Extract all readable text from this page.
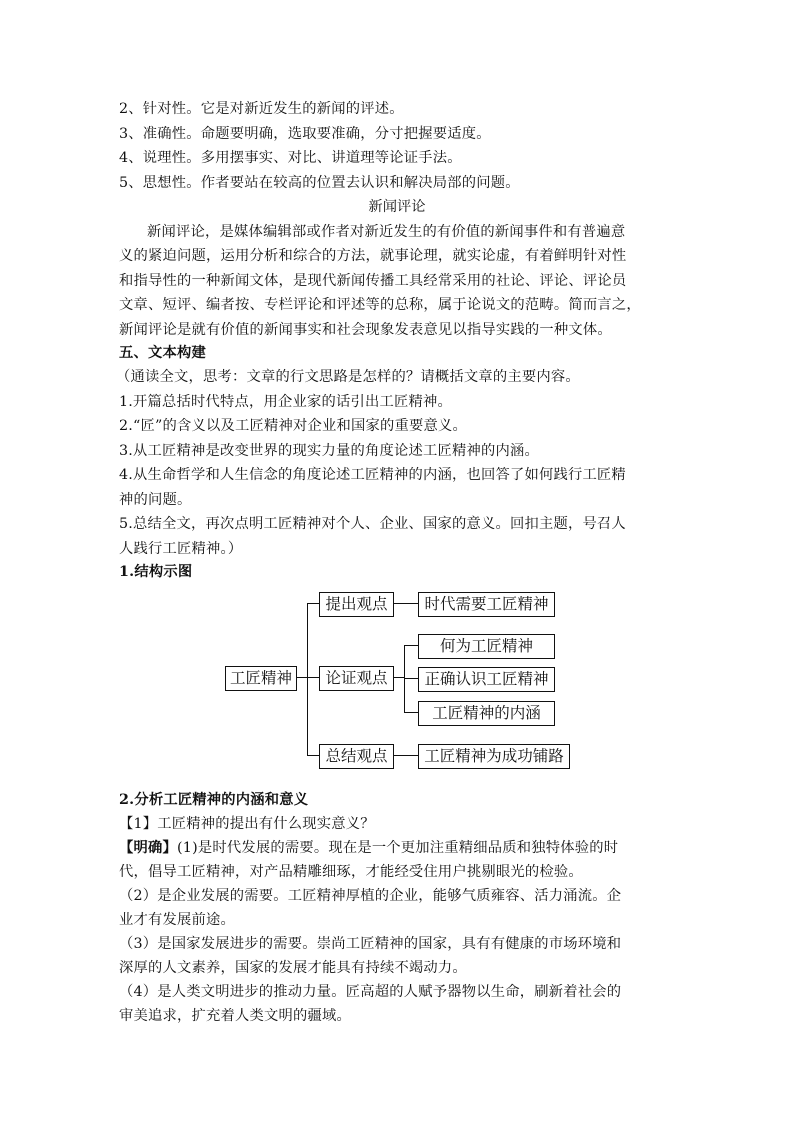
2、针对性。它是对新近发生的新闻的评述。
3、准确性。命题要明确，选取要准确，分寸把握要适度。
4、说理性。多用摆事实、对比、讲道理等论证手法。
5、思想性。作者要站在较高的位置去认识和解决局部的问题。
新闻评论
新闻评论，是媒体编辑部或作者对新近发生的有价值的新闻事件和有普遍意
义的紧迫问题，运用分析和综合的方法，就事论理，就实论虚，有着鲜明针对性
和指导性的一种新闻文体，是现代新闻传播工具经常采用的社论、评论、评论员
文章、短评、编者按、专栏评论和评述等的总称，属于论说文的范畴。简而言之，
新闻评论是就有价值的新闻事实和社会现象发表意见以指导实践的一种文体。
五、文本构建
（通读全文，思考：文章的行文思路是怎样的？请概括文章的主要内容。
1.开篇总括时代特点，用企业家的话引出工匠精神。
2.“匠”的含义以及工匠精神对企业和国家的重要意义。
3.从工匠精神是改变世界的现实力量的角度论述工匠精神的内涵。
4.从生命哲学和人生信念的角度论述工匠精神的内涵，也回答了如何践行工匠精
神的问题。
5.总结全文，再次点明工匠精神对个人、企业、国家的意义。回扣主题，号召人
人践行工匠精神。）
1.结构示图
工匠精神
提出观点
论证观点
总结观点
时代需要工匠精神
何为工匠精神
正确认识工匠精神
工匠精神的内涵
工匠精神为成功铺路
2.分析工匠精神的内涵和意义
【1】工匠精神的提出有什么现实意义？
【明确】(1)是时代发展的需要。现在是一个更加注重精细品质和独特体验的时
代，倡导工匠精神，对产品精雕细琢，才能经受住用户挑剔眼光的检验。
（2）是企业发展的需要。工匠精神厚植的企业，能够气质雍容、活力涌流。企
业才有发展前途。
（3）是国家发展进步的需要。崇尚工匠精神的国家，具有有健康的市场环境和
深厚的人文素养，国家的发展才能具有持续不竭动力。
（4）是人类文明进步的推动力量。匠高超的人赋予器物以生命，刷新着社会的
审美追求，扩充着人类文明的疆域。
